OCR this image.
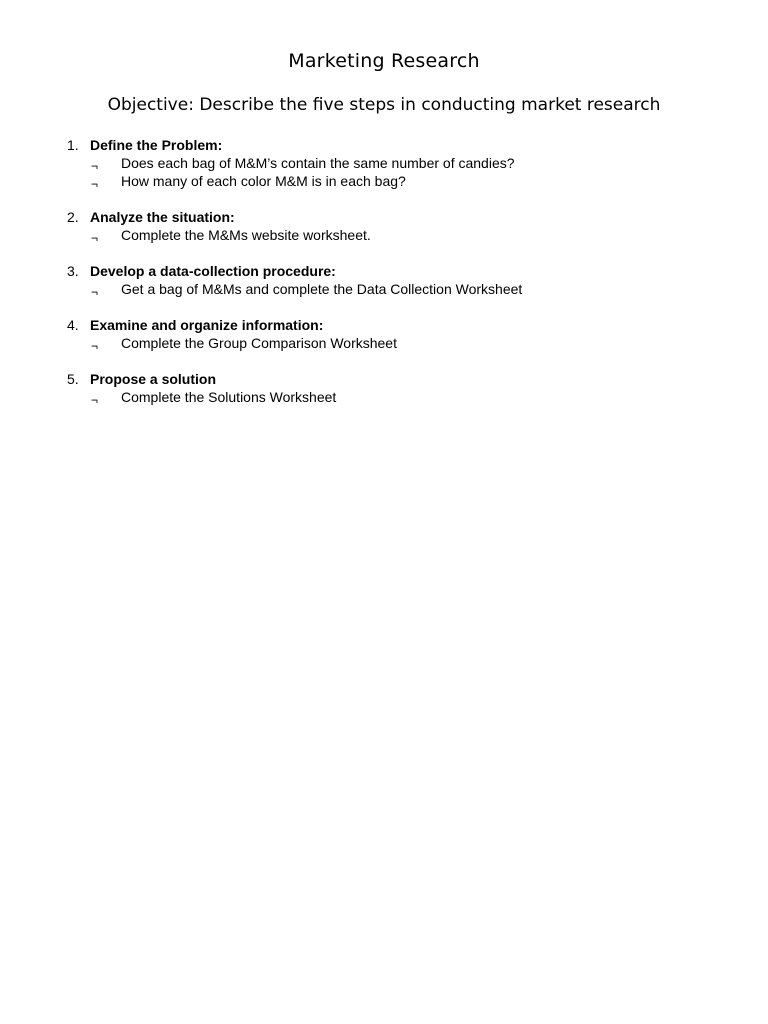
Marketing Research
Objective: Describe the five steps in conducting market research
1. Define the Problem:
¬	Does each bag of M&M’s contain the same number of candies?
¬	How many of each color M&M is in each bag?
2. Analyze the situation:
¬	Complete the M&Ms website worksheet.
3. Develop a data-collection procedure:
¬	Get a bag of M&Ms and complete the Data Collection Worksheet
4. Examine and organize information:
¬	Complete the Group Comparison Worksheet
5. Propose a solution
¬	Complete the Solutions Worksheet
